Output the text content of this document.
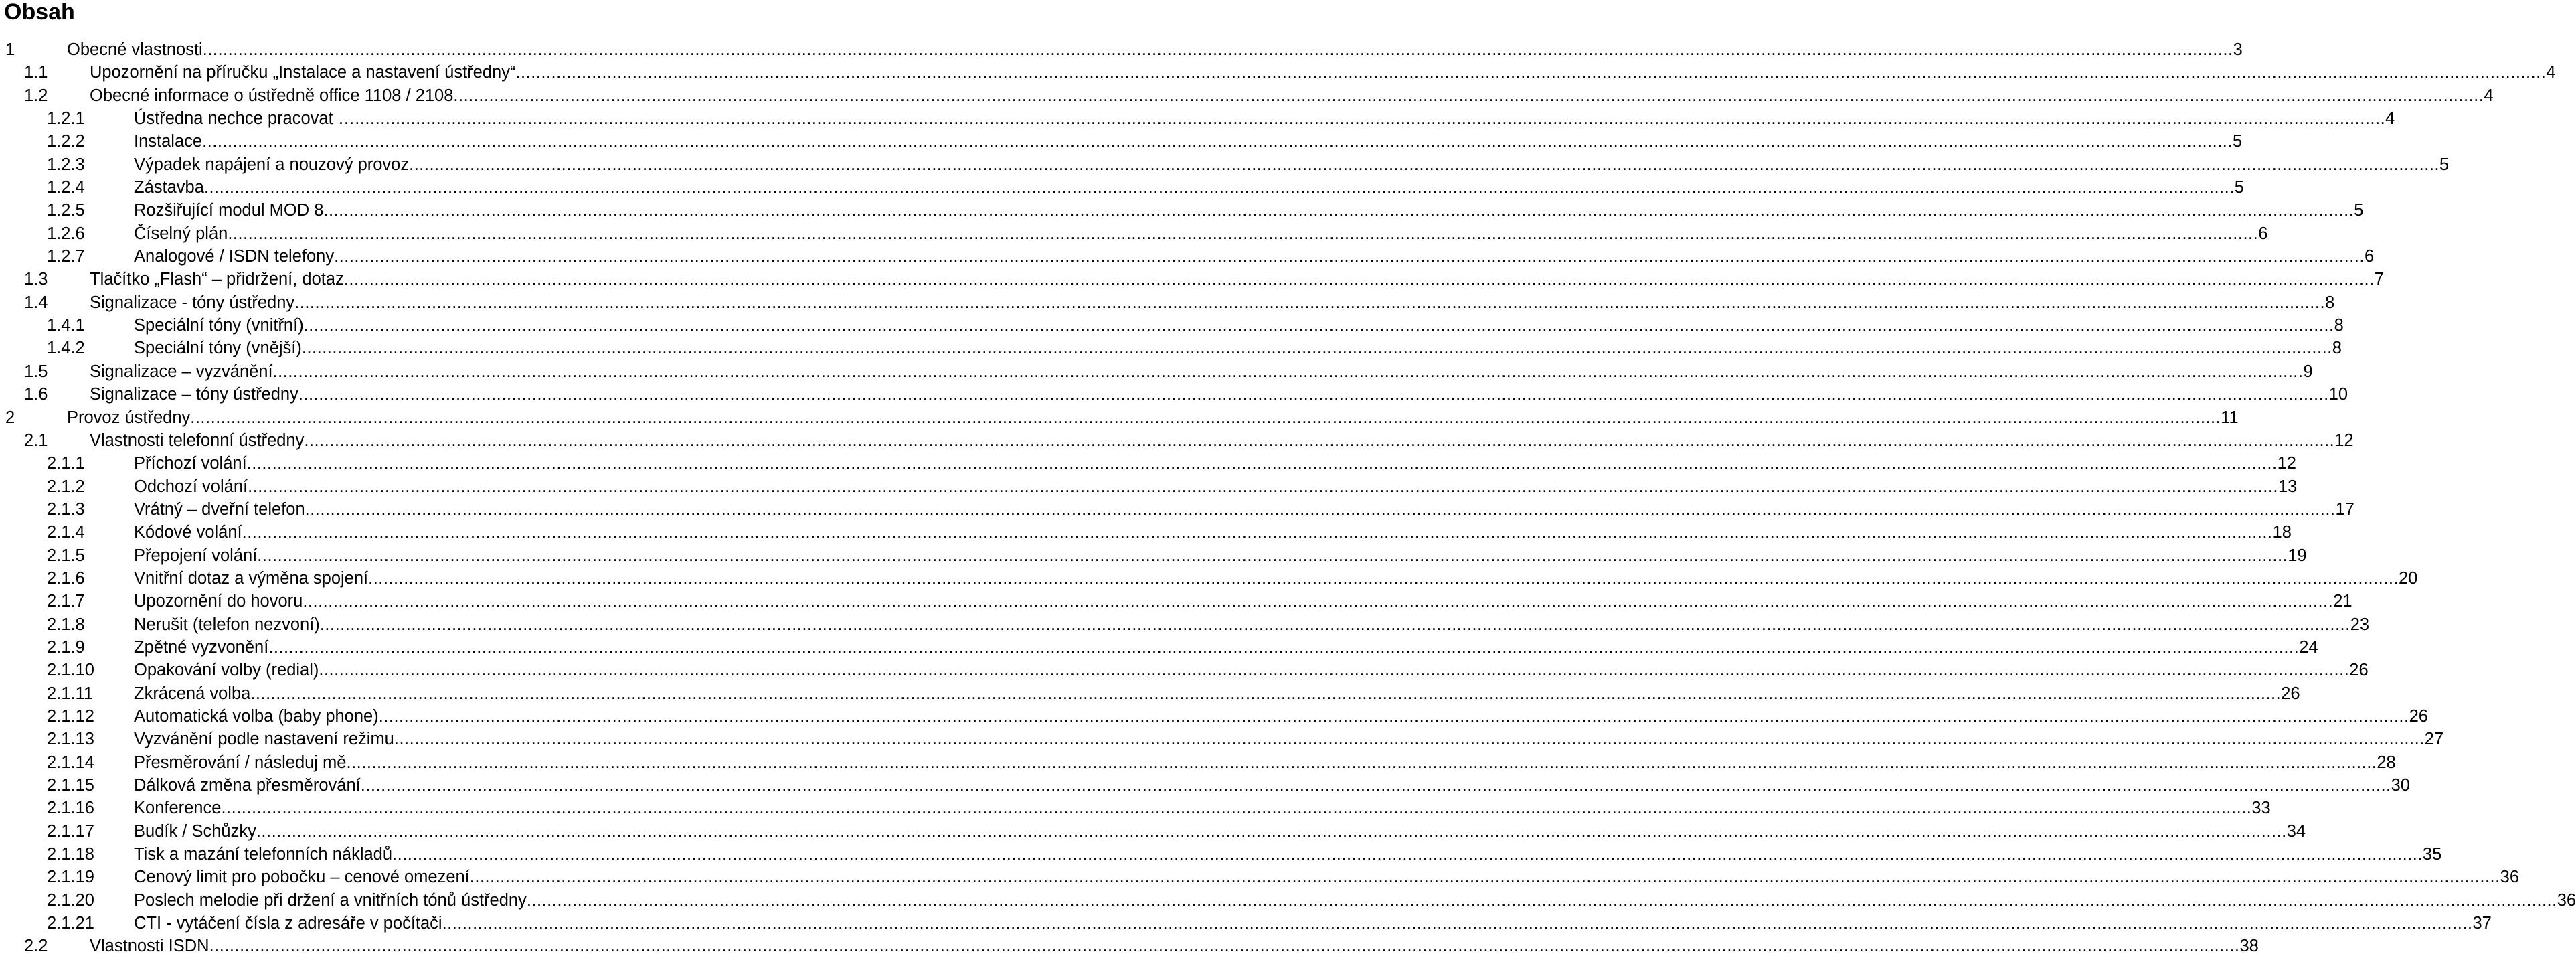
Obsah
1	Obecné vlastnosti ................................................................................................................................................................................................................................................................................................................................................................................................................ 3
1.1 Upozornění na příručku „Instalace a nastavení ústředny“ ................................................................................................................................................................................................................................................................................................................................................................................................................ 4
1.2 Obecné informace o ústředně office 1108 / 2108 ................................................................................................................................................................................................................................................................................................................................................................................................................ 4
1.2.1	Ústředna nechce pracovat … ................................................................................................................................................................................................................................................................................................................................................................................................................ 4
1.2.2	Instalace ................................................................................................................................................................................................................................................................................................................................................................................................................ 5
1.2.3	Výpadek napájení a nouzový provoz ................................................................................................................................................................................................................................................................................................................................................................................................................ 5
1.2.4	Zástavba ................................................................................................................................................................................................................................................................................................................................................................................................................ 5
1.2.5	Rozšiřující modul MOD 8 ................................................................................................................................................................................................................................................................................................................................................................................................................ 5
1.2.6	Číselný plán ................................................................................................................................................................................................................................................................................................................................................................................................................ 6
1.2.7	Analogové / ISDN telefony ................................................................................................................................................................................................................................................................................................................................................................................................................ 6
1.3 Tlačítko „Flash“ – přidržení, dotaz ................................................................................................................................................................................................................................................................................................................................................................................................................ 7
1.4 Signalizace - tóny ústředny ................................................................................................................................................................................................................................................................................................................................................................................................................ 8
1.4.1	Speciální tóny (vnitřní) ................................................................................................................................................................................................................................................................................................................................................................................................................ 8
1.4.2	Speciální tóny (vnější) ................................................................................................................................................................................................................................................................................................................................................................................................................ 8
1.5 Signalizace – vyzvánění ................................................................................................................................................................................................................................................................................................................................................................................................................ 9
1.6 Signalizace – tóny ústředny ................................................................................................................................................................................................................................................................................................................................................................................................................ 10
2	Provoz ústředny ................................................................................................................................................................................................................................................................................................................................................................................................................ 11
2.1 Vlastnosti telefonní ústředny ................................................................................................................................................................................................................................................................................................................................................................................................................ 12
2.1.1	Příchozí volání ................................................................................................................................................................................................................................................................................................................................................................................................................ 12
2.1.2	Odchozí volání ................................................................................................................................................................................................................................................................................................................................................................................................................ 13
2.1.3	Vrátný – dveřní telefon ................................................................................................................................................................................................................................................................................................................................................................................................................ 17
2.1.4	Kódové volání ................................................................................................................................................................................................................................................................................................................................................................................................................ 18
2.1.5	Přepojení volání ................................................................................................................................................................................................................................................................................................................................................................................................................ 19
2.1.6	Vnitřní dotaz a výměna spojení ................................................................................................................................................................................................................................................................................................................................................................................................................ 20
2.1.7	Upozornění do hovoru ................................................................................................................................................................................................................................................................................................................................................................................................................ 21
2.1.8	Nerušit (telefon nezvoní) ................................................................................................................................................................................................................................................................................................................................................................................................................ 23
2.1.9	Zpětné vyzvonění ................................................................................................................................................................................................................................................................................................................................................................................................................ 24
2.1.10 Opakování volby (redial) ................................................................................................................................................................................................................................................................................................................................................................................................................ 26
2.1.11 Zkrácená volba ................................................................................................................................................................................................................................................................................................................................................................................................................ 26
2.1.12 Automatická volba (baby phone) ................................................................................................................................................................................................................................................................................................................................................................................................................ 26
2.1.13 Vyzvánění podle nastavení režimu ................................................................................................................................................................................................................................................................................................................................................................................................................ 27
2.1.14 Přesměrování / následuj mě ................................................................................................................................................................................................................................................................................................................................................................................................................ 28
2.1.15 Dálková změna přesměrování ................................................................................................................................................................................................................................................................................................................................................................................................................ 30
2.1.16 Konference ................................................................................................................................................................................................................................................................................................................................................................................................................ 33
2.1.17 Budík / Schůzky ................................................................................................................................................................................................................................................................................................................................................................................................................ 34
2.1.18 Tisk a mazání telefonních nákladů ................................................................................................................................................................................................................................................................................................................................................................................................................ 35
2.1.19 Cenový limit pro pobočku – cenové omezení ................................................................................................................................................................................................................................................................................................................................................................................................................ 36
2.1.20 Poslech melodie při držení a vnitřních tónů ústředny ................................................................................................................................................................................................................................................................................................................................................................................................................ 36
2.1.21 CTI - vytáčení čísla z adresáře v počítači ................................................................................................................................................................................................................................................................................................................................................................................................................ 37
2.2 Vlastnosti ISDN ................................................................................................................................................................................................................................................................................................................................................................................................................ 38
